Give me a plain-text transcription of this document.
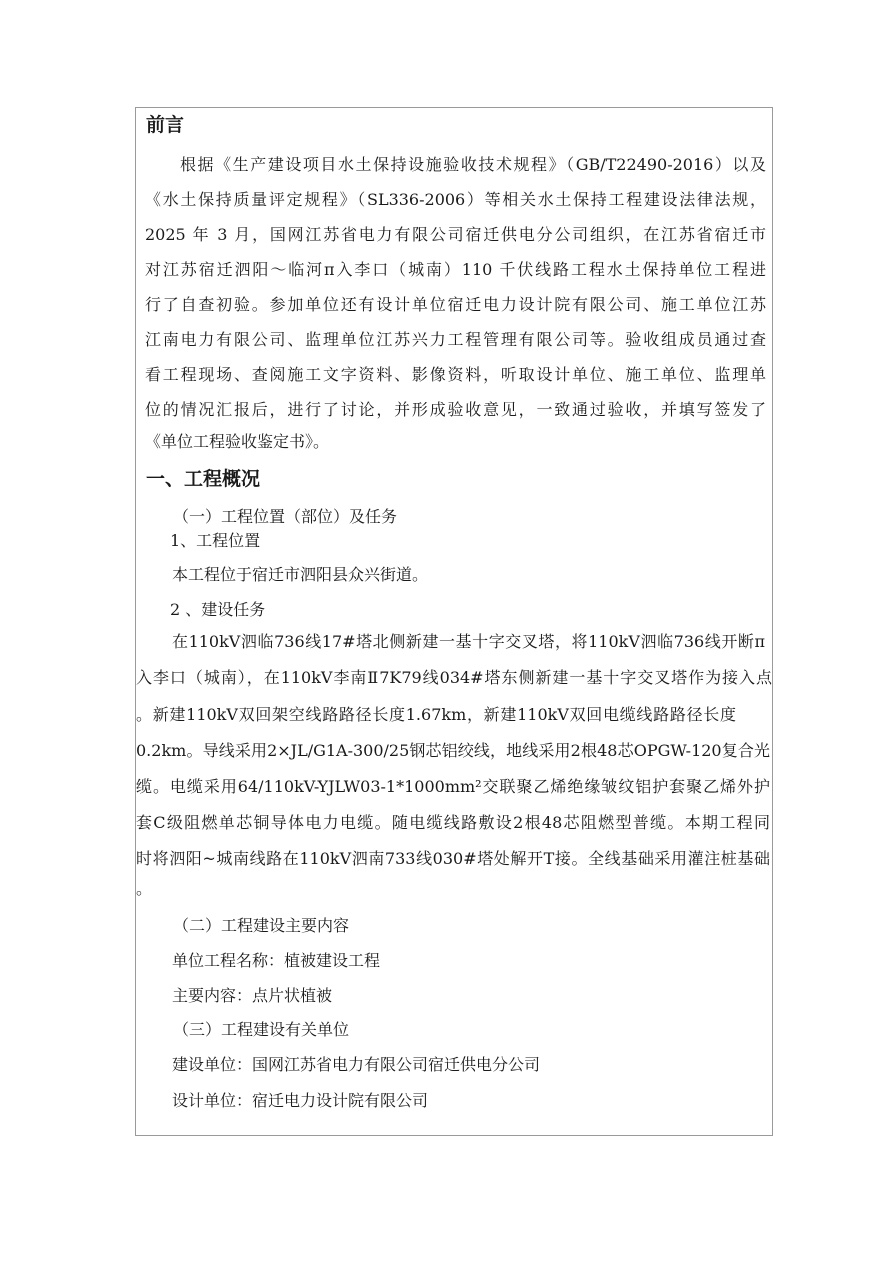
前言
根据《生产建设项目水土保持设施验收技术规程》（GB/T22490-2016）以及
《水土保持质量评定规程》（SL336-2006）等相关水土保持工程建设法律法规，
2025 年 3 月，国网江苏省电力有限公司宿迁供电分公司组织，在江苏省宿迁市
对江苏宿迁泗阳～临河π入李口（城南）110 千伏线路工程水土保持单位工程进
行了自查初验。参加单位还有设计单位宿迁电力设计院有限公司、施工单位江苏
江南电力有限公司、监理单位江苏兴力工程管理有限公司等。验收组成员通过查
看工程现场、查阅施工文字资料、影像资料，听取设计单位、施工单位、监理单
位的情况汇报后，进行了讨论，并形成验收意见，一致通过验收，并填写签发了
《单位工程验收鉴定书》。
一、工程概况
（一）工程位置（部位）及任务
1、工程位置
本工程位于宿迁市泗阳县众兴街道。
2 、建设任务
在110kV泗临736线17#塔北侧新建一基十字交叉塔，将110kV泗临736线开断π
入李口（城南），在110kV李南Ⅱ7K79线034#塔东侧新建一基十字交叉塔作为接入点
。新建110kV双回架空线路路径长度1.67km，新建110kV双回电缆线路路径长度
0.2km。导线采用2×JL/G1A-300/25钢芯铝绞线，地线采用2根48芯OPGW-120复合光
缆。电缆采用64/110kV-YJLW03-1*1000mm²交联聚乙烯绝缘皱纹铝护套聚乙烯外护
套C级阻燃单芯铜导体电力电缆。随电缆线路敷设2根48芯阻燃型普缆。本期工程同
时将泗阳~城南线路在110kV泗南733线030#塔处解开T接。全线基础采用灌注桩基础
。
（二）工程建设主要内容
单位工程名称：植被建设工程
主要内容：点片状植被
（三）工程建设有关单位
建设单位：国网江苏省电力有限公司宿迁供电分公司
设计单位：宿迁电力设计院有限公司
